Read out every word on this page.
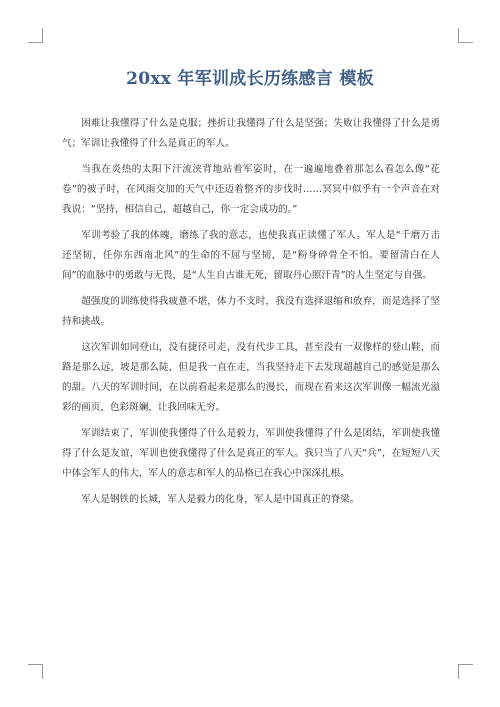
20xx 年军训成长历练感言 模板

困难让我懂得了什么是克服；挫折让我懂得了什么是坚强；失败让我懂得了什么是勇气；军训让我懂得了什么是真正的军人。

当我在炎热的太阳下汗流浃背地站着军姿时，在一遍遍地叠着那怎么看怎么像“花卷”的被子时，在风雨交加的天气中还迈着整齐的步伐时……冥冥中似乎有一个声音在对我说：“坚持，相信自己，超越自己，你一定会成功的。”

军训考验了我的体魄，磨练了我的意志，也使我真正读懂了军人。军人是“千磨万击还坚韧，任你东西南北风”的生命的不屈与坚韧，是“粉身碎骨全不怕。要留清白在人间”的血脉中的勇敢与无畏，是“人生自古谁无死，留取丹心照汗青”的人生坚定与自强。

超强度的训练使得我疲惫不堪，体力不支时，我没有选择退缩和放弃，而是选择了坚持和挑战。

这次军训如同登山，没有捷径可走，没有代步工具，甚至没有一双像样的登山鞋，而路是那么远，坡是那么陡，但是我一直在走，当我坚持走下去发现超越自己的感觉是那么的甜。八天的军训时间，在以前看起来是那么的漫长，而现在看来这次军训像一幅流光溢彩的画页，色彩斑斓，让我回味无穷。

军训结束了，军训使我懂得了什么是毅力，军训使我懂得了什么是团结，军训使我懂得了什么是友谊，军训也使我懂得了什么是真正的军人。我只当了八天“兵”，在短短八天中体会军人的伟大，军人的意志和军人的品格已在我心中深深扎根。

军人是钢铁的长城，军人是毅力的化身，军人是中国真正的脊梁。
